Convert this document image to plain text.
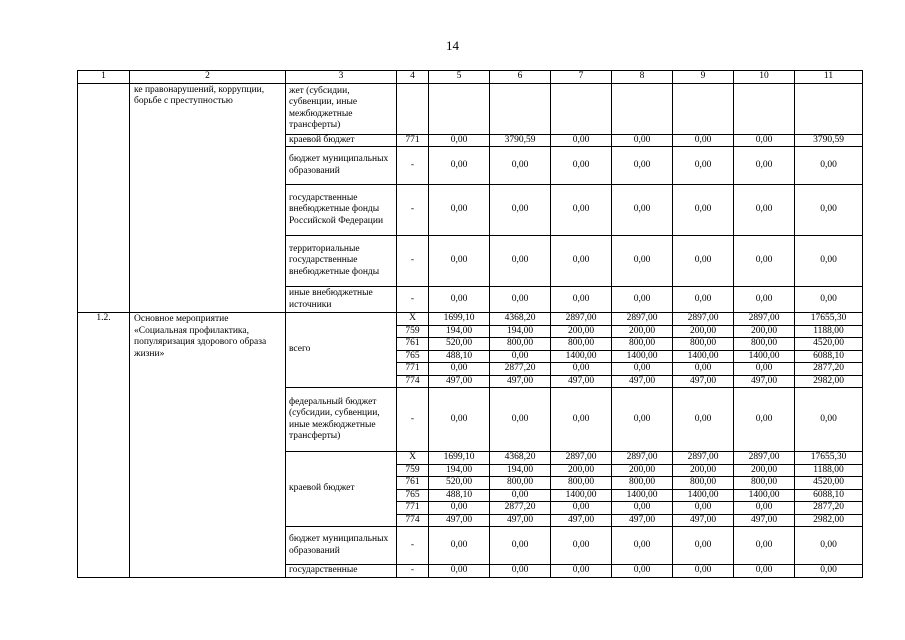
14
1	2	3	4	5	6	7	8	9	10	11
	ке правонарушений, коррупции, борьбе с преступностью	жет (субсидии, субвенции, иные межбюджетные трансферты)								
		краевой бюджет	771	0,00	3790,59	0,00	0,00	0,00	0,00	3790,59
		бюджет муниципальных образований	-	0,00	0,00	0,00	0,00	0,00	0,00	0,00
		государственные внебюджетные фонды Российской Федерации	-	0,00	0,00	0,00	0,00	0,00	0,00	0,00
		территориальные государственные внебюджетные фонды	-	0,00	0,00	0,00	0,00	0,00	0,00	0,00
		иные внебюджетные источники	-	0,00	0,00	0,00	0,00	0,00	0,00	0,00
1.2.	Основное мероприятие «Социальная профилактика, популяризация здорового образа жизни»	всего	Х	1699,10	4368,20	2897,00	2897,00	2897,00	2897,00	17655,30
			759	194,00	194,00	200,00	200,00	200,00	200,00	1188,00
			761	520,00	800,00	800,00	800,00	800,00	800,00	4520,00
			765	488,10	0,00	1400,00	1400,00	1400,00	1400,00	6088,10
			771	0,00	2877,20	0,00	0,00	0,00	0,00	2877,20
			774	497,00	497,00	497,00	497,00	497,00	497,00	2982,00
		федеральный бюджет (субсидии, субвенции, иные межбюджетные трансферты)	-	0,00	0,00	0,00	0,00	0,00	0,00	0,00
		краевой бюджет	Х	1699,10	4368,20	2897,00	2897,00	2897,00	2897,00	17655,30
			759	194,00	194,00	200,00	200,00	200,00	200,00	1188,00
			761	520,00	800,00	800,00	800,00	800,00	800,00	4520,00
			765	488,10	0,00	1400,00	1400,00	1400,00	1400,00	6088,10
			771	0,00	2877,20	0,00	0,00	0,00	0,00	2877,20
			774	497,00	497,00	497,00	497,00	497,00	497,00	2982,00
		бюджет муниципальных образований	-	0,00	0,00	0,00	0,00	0,00	0,00	0,00
		государственные	-	0,00	0,00	0,00	0,00	0,00	0,00	0,00
